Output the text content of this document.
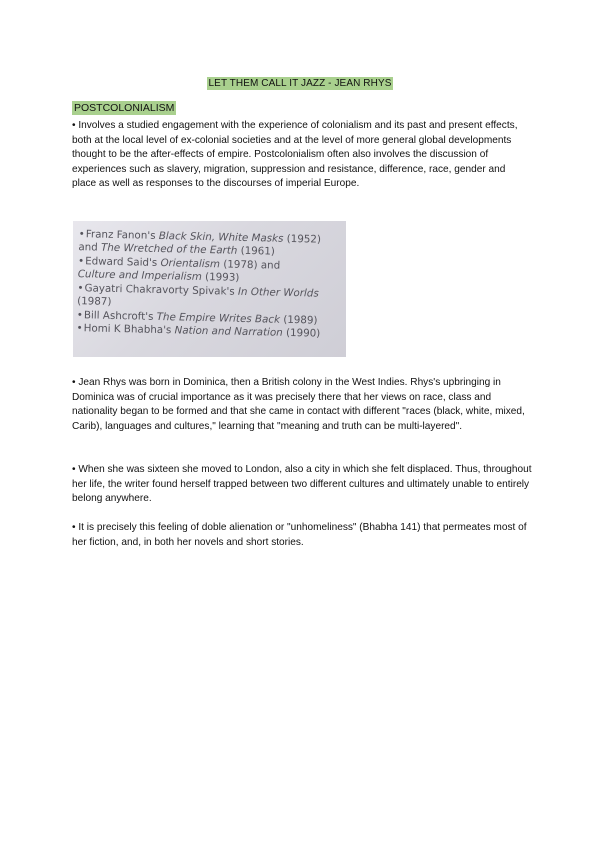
LET THEM CALL IT JAZZ - JEAN RHYS
POSTCOLONIALISM

• Involves a studied engagement with the experience of colonialism and its past and present effects, both at the local level of ex-colonial societies and at the level of more general global developments thought to be the after-effects of empire. Postcolonialism often also involves the discussion of experiences such as slavery, migration, suppression and resistance, difference, race, gender and place as well as responses to the discourses of imperial Europe.

•Franz Fanon's Black Skin, White Masks (1952)
and The Wretched of the Earth (1961)
•Edward Said's Orientalism (1978) and
Culture and Imperialism (1993)
•Gayatri Chakravorty Spivak's In Other Worlds
(1987)
•Bill Ashcroft's The Empire Writes Back (1989)
•Homi K Bhabha's Nation and Narration (1990)

• Jean Rhys was born in Dominica, then a British colony in the West Indies. Rhys's upbringing in Dominica was of crucial importance as it was precisely there that her views on race, class and nationality began to be formed and that she came in contact with different "races (black, white, mixed, Carib), languages and cultures," learning that "meaning and truth can be multi-layered".

• When she was sixteen she moved to London, also a city in which she felt displaced. Thus, throughout her life, the writer found herself trapped between two different cultures and ultimately unable to entirely belong anywhere.

• It is precisely this feeling of doble alienation or "unhomeliness" (Bhabha 141) that permeates most of her fiction, and, in both her novels and short stories.
